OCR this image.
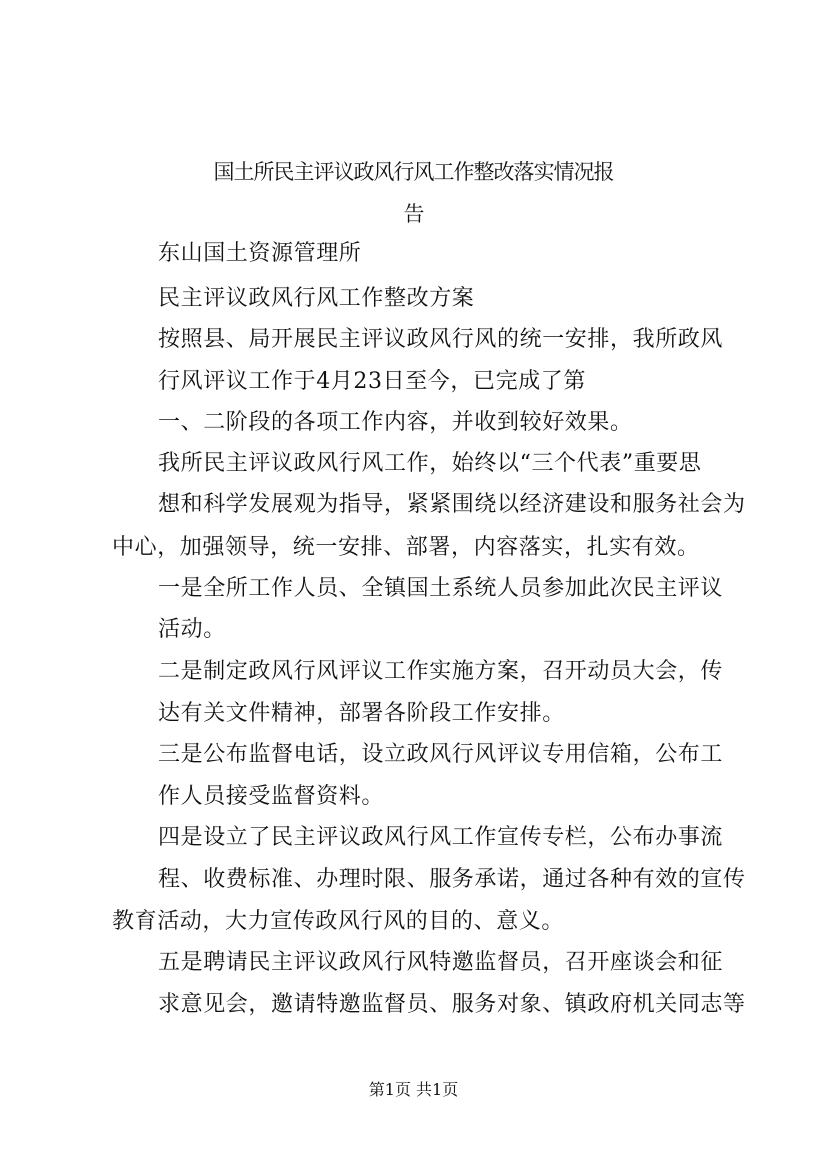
国土所民主评议政风行风工作整改落实情况报
告

东山国土资源管理所

民主评议政风行风工作整改方案

按照县、局开展民主评议政风行风的统一安排，我所政风

行风评议工作于4月23日至今，已完成了第

一、二阶段的各项工作内容，并收到较好效果。

我所民主评议政风行风工作，始终以“三个代表”重要思

想和科学发展观为指导，紧紧围绕以经济建设和服务社会为

中心，加强领导，统一安排、部署，内容落实，扎实有效。

一是全所工作人员、全镇国土系统人员参加此次民主评议

活动。

二是制定政风行风评议工作实施方案，召开动员大会，传

达有关文件精神，部署各阶段工作安排。

三是公布监督电话，设立政风行风评议专用信箱，公布工

作人员接受监督资料。

四是设立了民主评议政风行风工作宣传专栏，公布办事流

程、收费标准、办理时限、服务承诺，通过各种有效的宣传

教育活动，大力宣传政风行风的目的、意义。

五是聘请民主评议政风行风特邀监督员，召开座谈会和征

求意见会，邀请特邀监督员、服务对象、镇政府机关同志等

第1页 共1页
